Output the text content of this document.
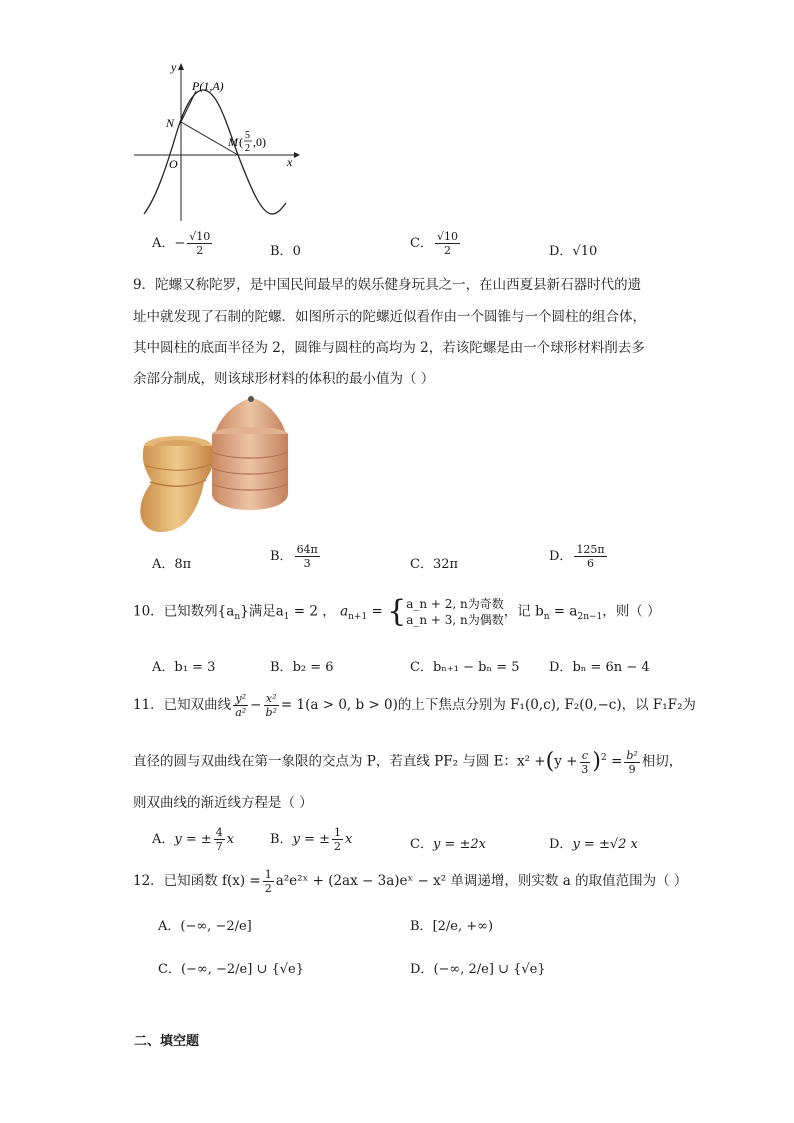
y
x
P(1,A)
N
O
M ( 5
2 ,0)
A．− $\frac{√10}{2}$	B．0
C． $\frac{√10}{2}$	D．√10
9．陀螺又称陀罗，是中国民间最早的娱乐健身玩具之一，在山西夏县新石器时代的遗
址中就发现了石制的陀螺．如图所示的陀螺近似看作由一个圆锥与一个圆柱的组合体，
其中圆柱的底面半径为 2，圆锥与圆柱的高均为 2，若该陀螺是由一个球形材料削去多
余部分制成，则该球形材料的体积的最小值为（ ）
A．8π
B． $\frac{64\pi}{3}$	C．32π
D． $\frac{125\pi}{6}$
10．已知数列$\{a_n\}$满足$a_1 = 2$ ， $a_{n+1}$ = { a_n + 2, n为奇数
a_n + 3, n为偶数
，记 $b_n = a_{2n-1}$，则（ ）
A．b₁ = 3	B．b₂ = 6	C．bₙ₊₁ − bₙ = 5 D．bₙ = 6n − 4
11．已知双曲线 $\frac{\text{y²}}{\text{a²}} - \frac{\text{x²}}{\text{b²}} = 1(a > 0$, b > 0)的上下焦点分别为 F₁(0,c), F₂(0,−c)，以 F₁F₂为
直径的圆与双曲线在第一象限的交点为 P，若直线 PF₂ 与圆 E：$x^2 +(y + \frac{c}{3} )^2 = \frac{\text{b²}}{9}$ 相切，
则双曲线的渐近线方程是（ ）
A．y = ± $\frac{4}{7}$ x	B．y = ± $\frac{1}{2}$ x	C．y = ±2x	D．y = ±√2 x
12．已知函数 $f(x) = \frac{1}{2}$ a²e²ˣ + (2ax − 3a)eˣ − x² 单调递增，则实数 a 的取值范围为（ ）
A．(−∞, −2/e]	B．[2/e, +∞)
C．(−∞, −2/e] ∪ {√e}	D．(−∞, 2/e] ∪ {√e}
二、填空题
